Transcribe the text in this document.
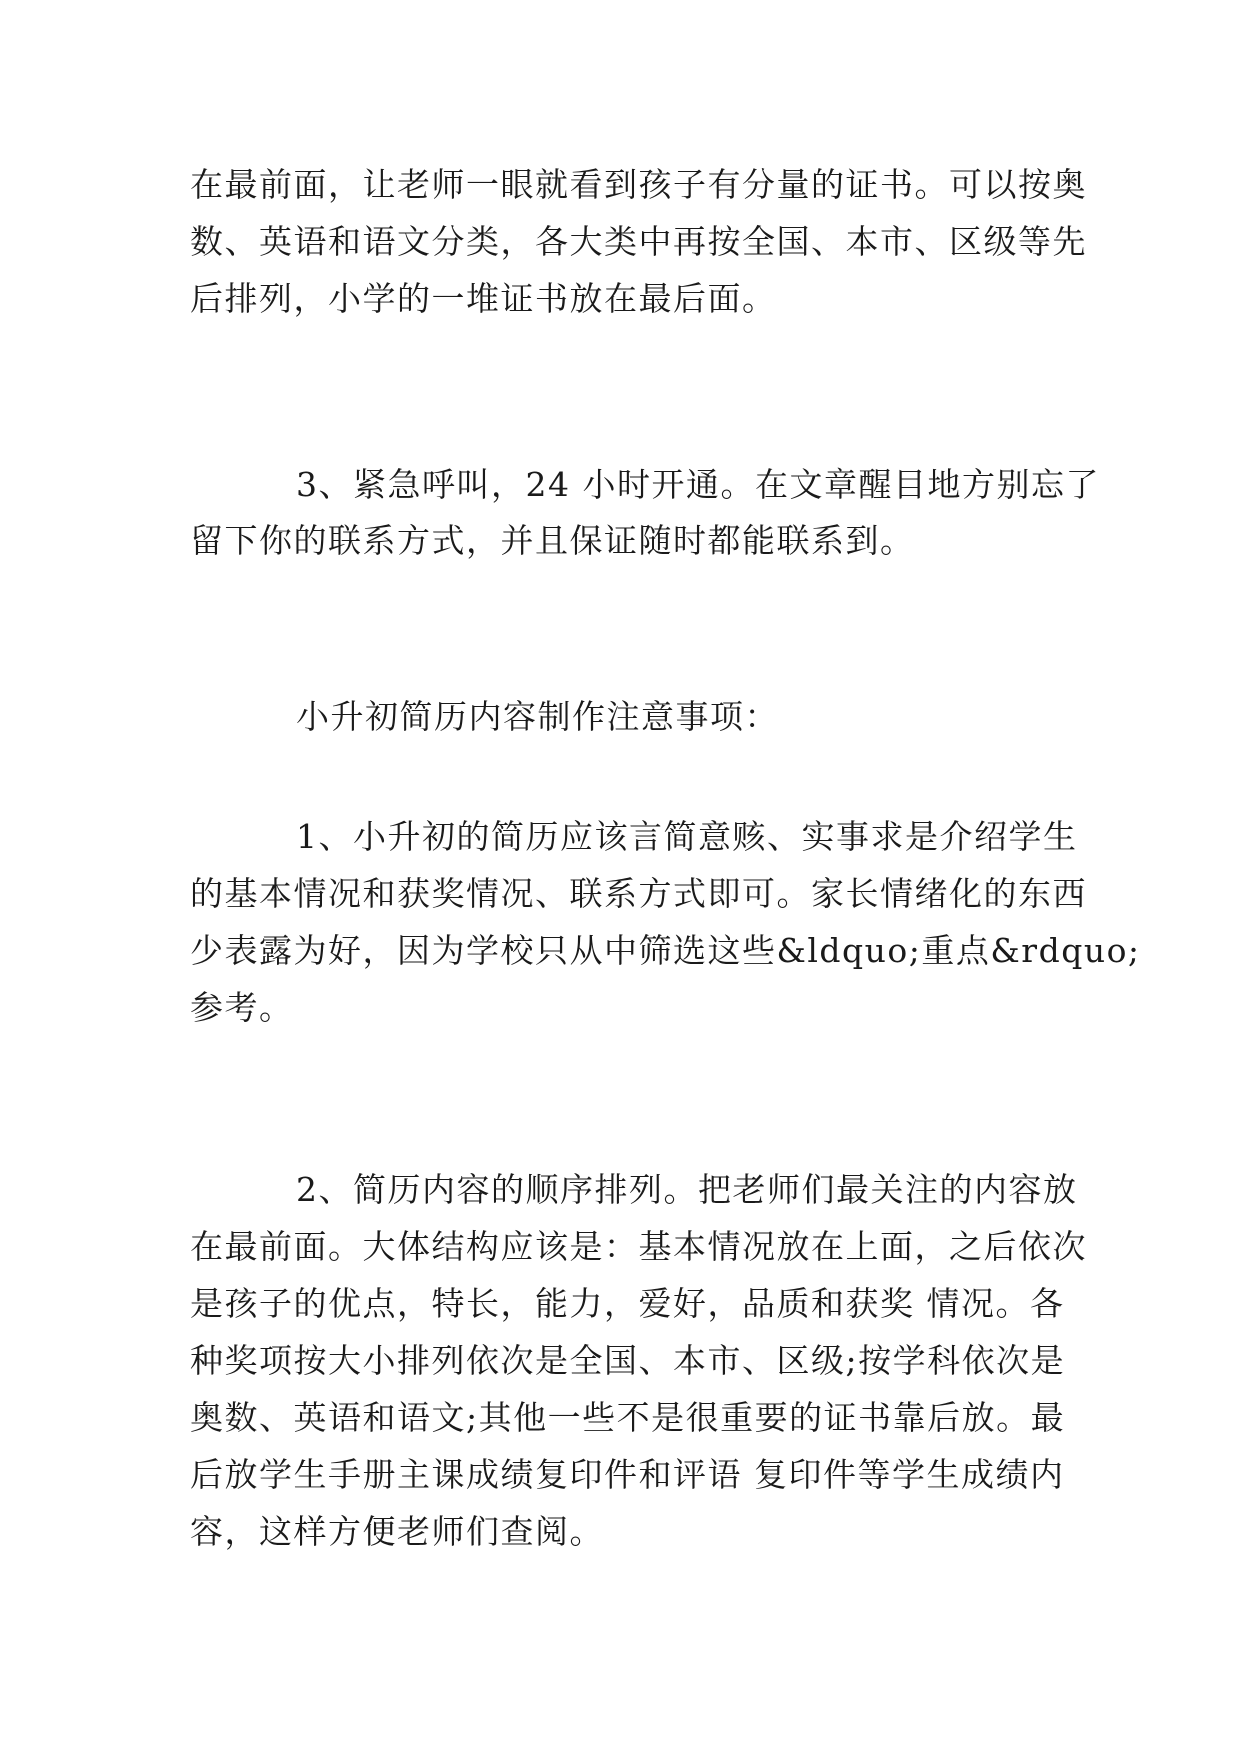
在最前面，让老师一眼就看到孩子有分量的证书。可以按奥
数、英语和语文分类，各大类中再按全国、本市、区级等先
后排列，小学的一堆证书放在最后面。
3、紧急呼叫，24 小时开通。在文章醒目地方别忘了
留下你的联系方式，并且保证随时都能联系到。
小升初简历内容制作注意事项：
1、小升初的简历应该言简意赅、实事求是介绍学生
的基本情况和获奖情况、联系方式即可。家长情绪化的东西
少表露为好，因为学校只从中筛选这些&ldquo;重点&rdquo;
参考。
2、简历内容的顺序排列。把老师们最关注的内容放
在最前面。大体结构应该是：基本情况放在上面，之后依次
是孩子的优点，特长，能力，爱好，品质和获奖 情况。各
种奖项按大小排列依次是全国、本市、区级;按学科依次是
奥数、英语和语文;其他一些不是很重要的证书靠后放。最
后放学生手册主课成绩复印件和评语 复印件等学生成绩内
容，这样方便老师们查阅。
